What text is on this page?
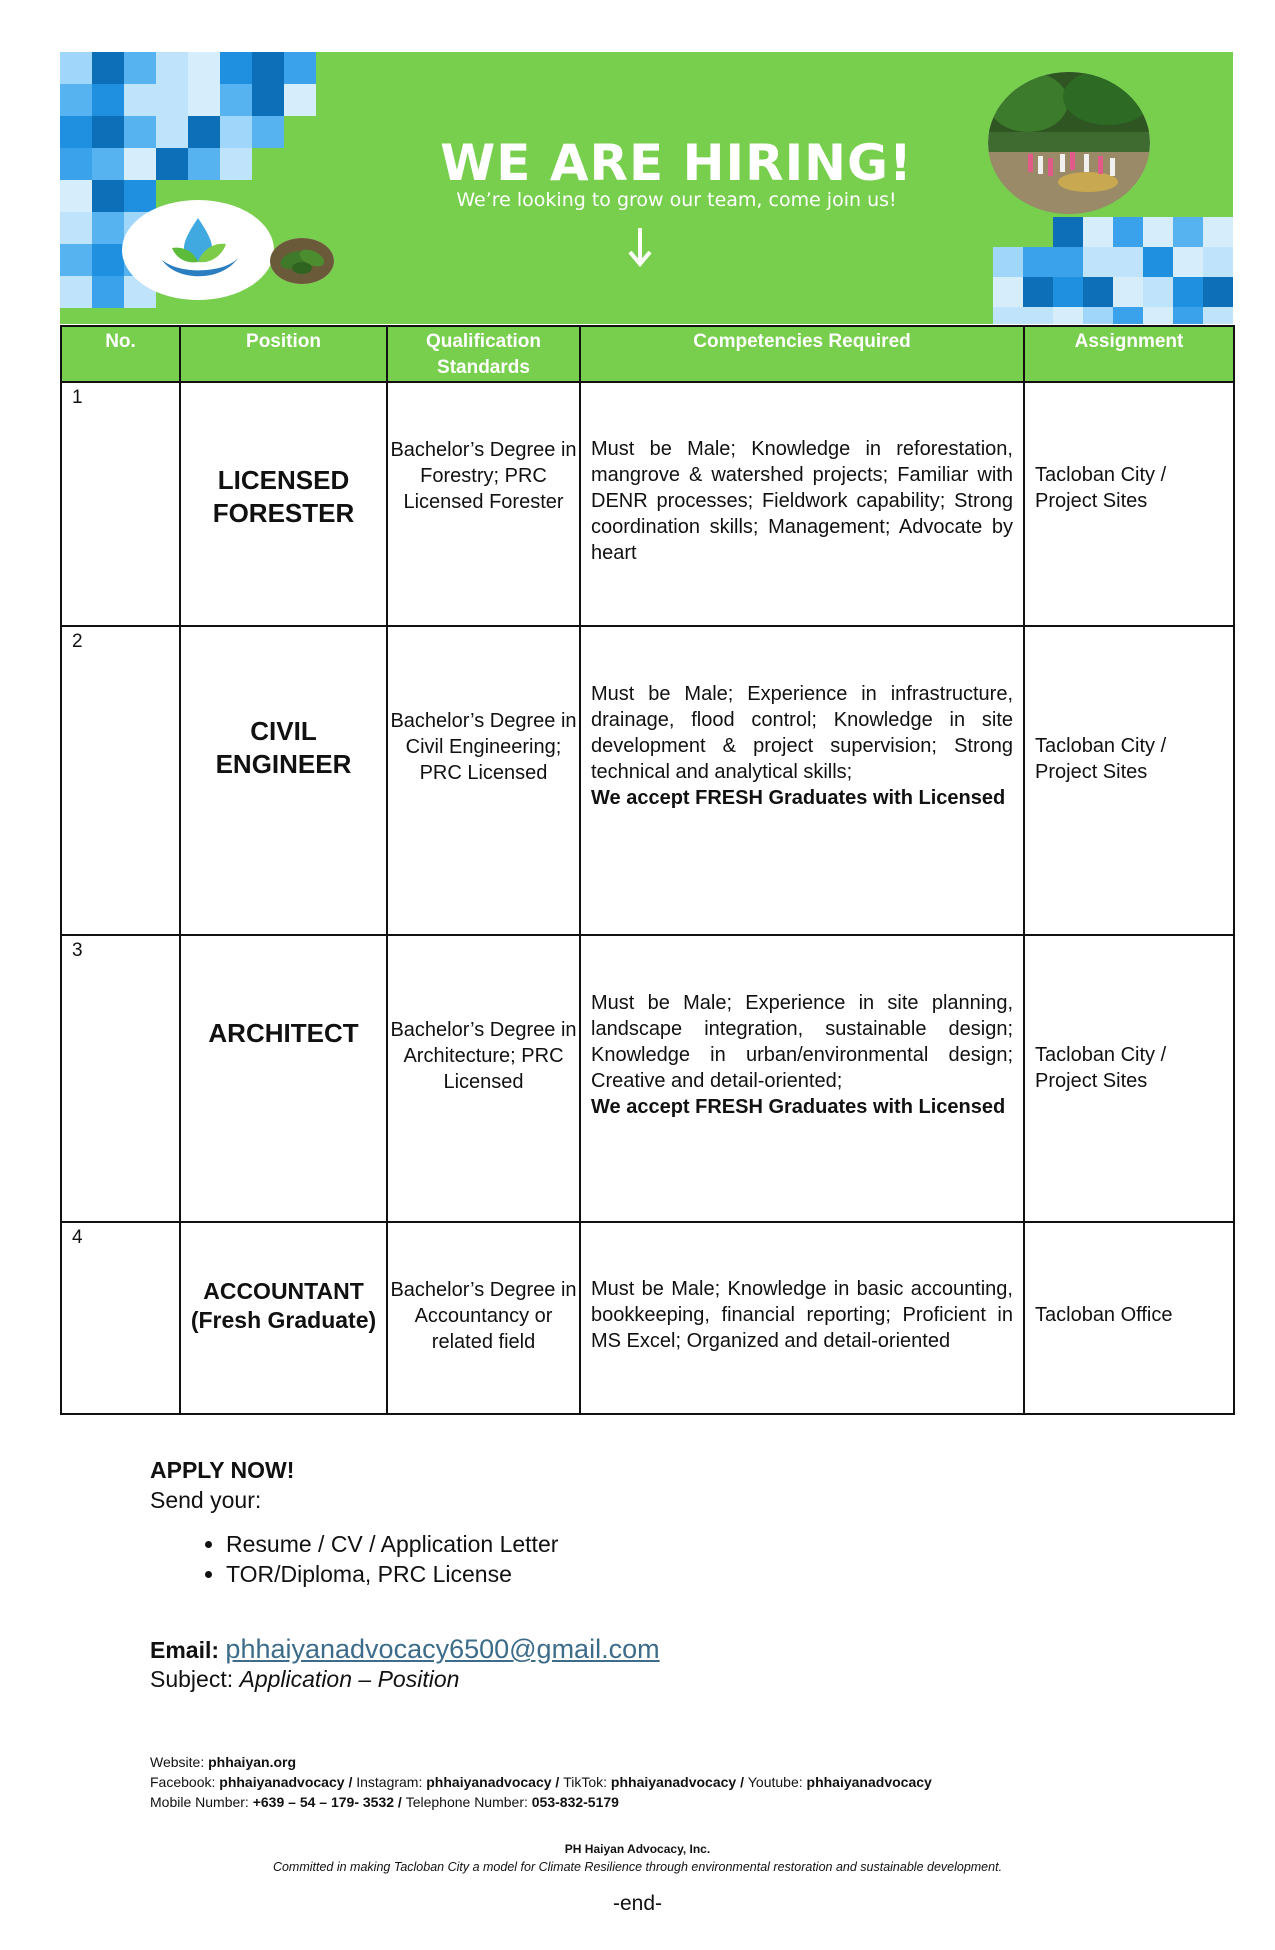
WE ARE HIRING!
We’re looking to grow our team, come join us!
No.	Position	Qualification Standards	Competencies Required	Assignment
1	LICENSED FORESTER	Bachelor’s Degree in Forestry; PRC Licensed Forester	Must be Male; Knowledge in reforestation, mangrove & watershed projects; Familiar with DENR processes; Fieldwork capability; Strong coordination skills; Management; Advocate by heart	Tacloban City / Project Sites
2	CIVIL ENGINEER	Bachelor’s Degree in Civil Engineering; PRC Licensed	Must be Male; Experience in infrastructure, drainage, flood control; Knowledge in site development & project supervision; Strong technical and analytical skills;
We accept FRESH Graduates with Licensed	Tacloban City / Project Sites
3	ARCHITECT	Bachelor’s Degree in Architecture; PRC Licensed	Must be Male; Experience in site planning, landscape integration, sustainable design; Knowledge in urban/environmental design; Creative and detail-oriented;
We accept FRESH Graduates with Licensed	Tacloban City / Project Sites
4	ACCOUNTANT (Fresh Graduate)	Bachelor’s Degree in Accountancy or related field	Must be Male; Knowledge in basic accounting, bookkeeping, financial reporting; Proficient in MS Excel; Organized and detail-oriented	Tacloban Office
APPLY NOW!
Send your:
• Resume / CV / Application Letter
• TOR/Diploma, PRC License
Email: phhaiyanadvocacy6500@gmail.com
Subject: Application – Position
Website: phhaiyan.org
Facebook: phhaiyanadvocacy / Instagram: phhaiyanadvocacy / TikTok: phhaiyanadvocacy / Youtube: phhaiyanadvocacy
Mobile Number: +639 – 54 – 179- 3532 / Telephone Number: 053-832-5179
PH Haiyan Advocacy, Inc.
Committed in making Tacloban City a model for Climate Resilience through environmental restoration and sustainable development.
-end-
